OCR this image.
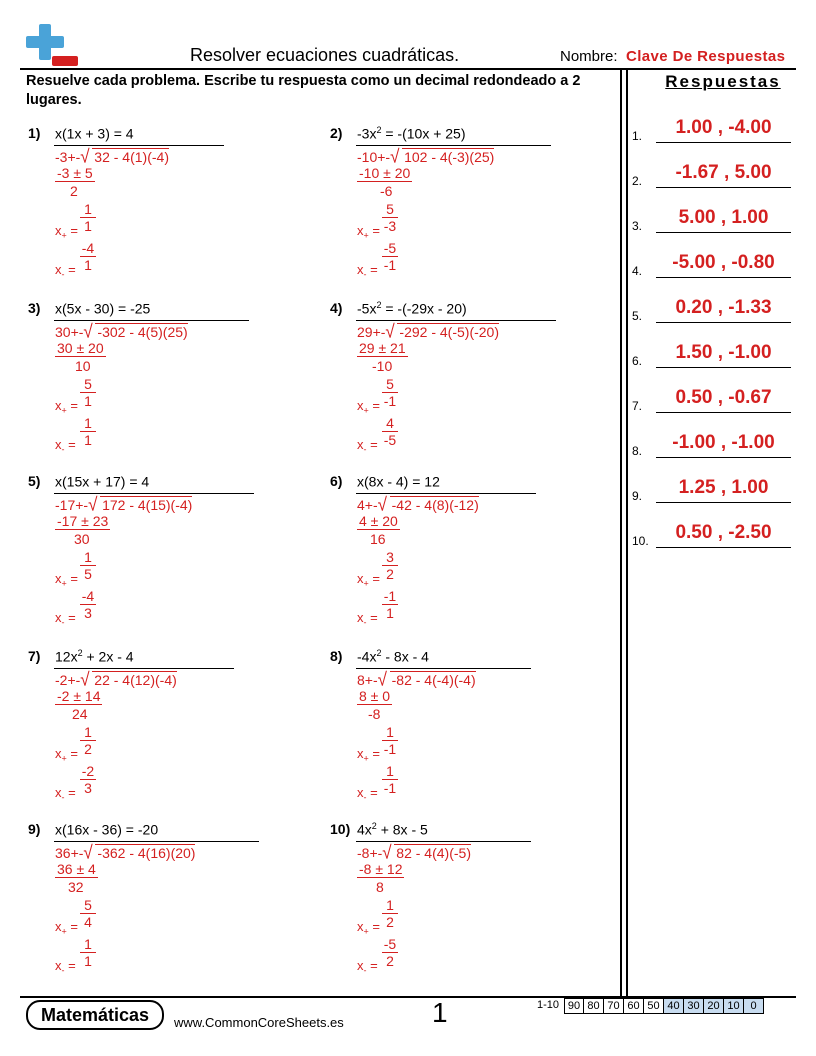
Resolver ecuaciones cuadráticas.	Nombre: Clave De Respuestas
Resuelve cada problema. Escribe tu respuesta como un decimal redondeado a 2 lugares.
Respuestas
1.	1.00 , -4.00
2.	-1.67 , 5.00
3.	5.00 , 1.00
4.	-5.00 , -0.80
5.	0.20 , -1.33
6.	1.50 , -1.00
7.	0.50 , -0.67
8.	-1.00 , -1.00
9.	1.25 , 1.00
10.	0.50 , -2.50
1) x(1x + 3) = 4
-3+-√ 32 - 4(1)(-4)
-3 ± 5
2
$x_+ = \frac{1}{1}$
$x_- = \frac{-4}{1}$
2) $-3x^2 = -(10x + 25)$
-10+-√ 102 - 4(-3)(25)
-10 ± 20
-6
$x_+ = \frac{5}{-3}$
$x_- = \frac{-5}{-1}$
3) x(5x - 30) = -25
30+-√ -302 - 4(5)(25)
30 ± 20
10
$x_+ = \frac{5}{1}$
$x_- = \frac{1}{1}$
4) $-5x^2 = -(-29x - 20)$
29+-√ -292 - 4(-5)(-20)
29 ± 21
-10
$x_+ = \frac{5}{-1}$
$x_- = \frac{4}{-5}$
5) x(15x + 17) = 4
-17+-√ 172 - 4(15)(-4)
-17 ± 23
30
$x_+ = \frac{1}{5}$
$x_- = \frac{-4}{3}$
6) x(8x - 4) = 12
4+-√ -42 - 4(8)(-12)
4 ± 20
16
$x_+ = \frac{3}{2}$
$x_- = \frac{-1}{1}$
7) $12x^2 + 2x - 4$
-2+-√ 22 - 4(12)(-4)
-2 ± 14
24
$x_+ = \frac{1}{2}$
$x_- = \frac{-2}{3}$
8) $-4x^2 - 8x - 4$
8+-√ -82 - 4(-4)(-4)
8 ± 0
-8
$x_+ = \frac{1}{-1}$
$x_- = \frac{1}{-1}$
9) x(16x - 36) = -20
36+-√ -362 - 4(16)(20)
36 ± 4
32
$x_+ = \frac{5}{4}$
$x_- = \frac{1}{1}$
10) $4x^2 + 8x - 5$
-8+-√ 82 - 4(4)(-5)
-8 ± 12
8
$x_+ = \frac{1}{2}$
$x_- = \frac{-5}{2}$
Matemáticas	www.CommonCoreSheets.es	1	1-10 90 80 70 60 50 40 30 20 10 0
